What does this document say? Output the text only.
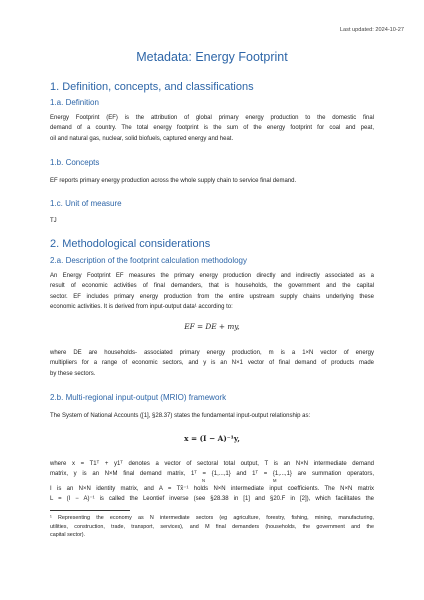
Last updated: 2024-10-27
Metadata: Energy Footprint
1. Definition, concepts, and classifications
1.a. Definition
Energy Footprint (EF) is the attribution of global primary energy production to the domestic final
demand of a country. The total energy footprint is the sum of the energy footprint for coal and peat,
oil and natural gas, nuclear, solid biofuels, captured energy and heat.
1.b. Concepts
EF reports primary energy production across the whole supply chain to service final demand.
1.c. Unit of measure
TJ
2. Methodological considerations
2.a. Description of the footprint calculation methodology
An Energy Footprint EF measures the primary energy production directly and indirectly associated as a
result of economic activities of final demanders, that is households, the government and the capital
sector. EF includes primary energy production from the entire upstream supply chains underlying these
economic activities. It is derived from input-output data¹ according to:
EF = DE + my,
where DE are households- associated primary energy production, m is a 1×N vector of energy
multipliers for a range of economic sectors, and y is an N×1 vector of final demand of products made
by these sectors.
2.b. Multi-regional input-output (MRIO) framework
The System of National Accounts ([1], §28.37) states the fundamental input-output relationship as:
x = (I − A)⁻¹y,
where x = T1ᵀ + y1ᵀ denotes a vector of sectoral total output, T is an N×N intermediate demand
matrix, y is an N×M final demand matrix, 1ᵀ = {1,...,1} and 1ᵀ = {1,...,1} are summation operators,
I is an N×N identity matrix, and A = Tx̂⁻¹ holds N×N intermediate input coefficients. The N×N matrix
L = (I − A)⁻¹ is called the Leontief inverse (see §28.38 in [1] and §20.F in [2]), which facilitates the
N	M
¹ Representing the economy as N intermediate sectors (eg agriculture, forestry, fishing, mining, manufacturing,
utilities, construction, trade, transport, services), and M final demanders (households, the government and the
capital sector).
